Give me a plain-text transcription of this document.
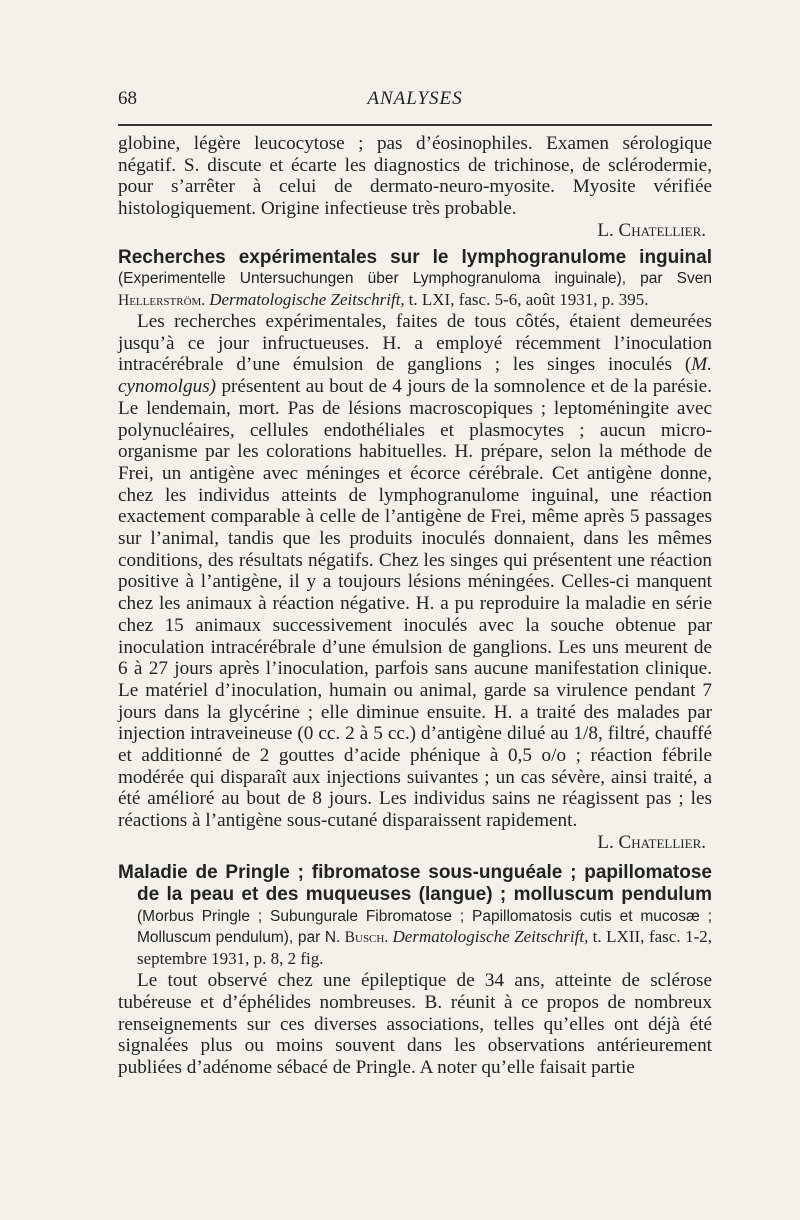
68	ANALYSES

globine, légère leucocytose ; pas d’éosinophiles. Examen sérologique négatif. S. discute et écarte les diagnostics de trichinose, de sclérodermie, pour s’arrêter à celui de dermato-neuro-myosite. Myosite vérifiée histologiquement. Origine infectieuse très probable.

L. Chatellier.

Recherches expérimentales sur le lymphogranulome inguinal (Experimentelle Untersuchungen über Lymphogranuloma inguinale), par Sven Hellerström. Dermatologische Zeitschrift, t. LXI, fasc. 5-6, août 1931, p. 395.

Les recherches expérimentales, faites de tous côtés, étaient demeurées jusqu’à ce jour infructueuses. H. a employé récemment l’inoculation intracérébrale d’une émulsion de ganglions ; les singes inoculés (M. cynomolgus) présentent au bout de 4 jours de la somnolence et de la parésie. Le lendemain, mort. Pas de lésions macroscopiques ; leptoméningite avec polynucléaires, cellules endothéliales et plasmocytes ; aucun micro-organisme par les colorations habituelles. H. prépare, selon la méthode de Frei, un antigène avec méninges et écorce cérébrale. Cet antigène donne, chez les individus atteints de lymphogranulome inguinal, une réaction exactement comparable à celle de l’antigène de Frei, même après 5 passages sur l’animal, tandis que les produits inoculés donnaient, dans les mêmes conditions, des résultats négatifs. Chez les singes qui présentent une réaction positive à l’antigène, il y a toujours lésions méningées. Celles-ci manquent chez les animaux à réaction négative. H. a pu reproduire la maladie en série chez 15 animaux successivement inoculés avec la souche obtenue par inoculation intracérébrale d’une émulsion de ganglions. Les uns meurent de 6 à 27 jours après l’inoculation, parfois sans aucune manifestation clinique. Le matériel d’inoculation, humain ou animal, garde sa virulence pendant 7 jours dans la glycérine ; elle diminue ensuite. H. a traité des malades par injection intraveineuse (0 cc. 2 à 5 cc.) d’antigène dilué au 1/8, filtré, chauffé et additionné de 2 gouttes d’acide phénique à 0,5 o/o ; réaction fébrile modérée qui disparaît aux injections suivantes ; un cas sévère, ainsi traité, a été amélioré au bout de 8 jours. Les individus sains ne réagissent pas ; les réactions à l’antigène sous-cutané disparaissent rapidement.

L. Chatellier.

Maladie de Pringle ; fibromatose sous-unguéale ; papillomatose de la peau et des muqueuses (langue) ; molluscum pendulum (Morbus Pringle ; Subungurale Fibromatose ; Papillomatosis cutis et mucosæ ; Molluscum pendulum), par N. Busch. Dermatologische Zeitschrift, t. LXII, fasc. 1-2, septembre 1931, p. 8, 2 fig.

Le tout observé chez une épileptique de 34 ans, atteinte de sclérose tubéreuse et d’éphélides nombreuses. B. réunit à ce propos de nombreux renseignements sur ces diverses associations, telles qu’elles ont déjà été signalées plus ou moins souvent dans les observations antérieurement publiées d’adénome sébacé de Pringle. A noter qu’elle faisait partie
